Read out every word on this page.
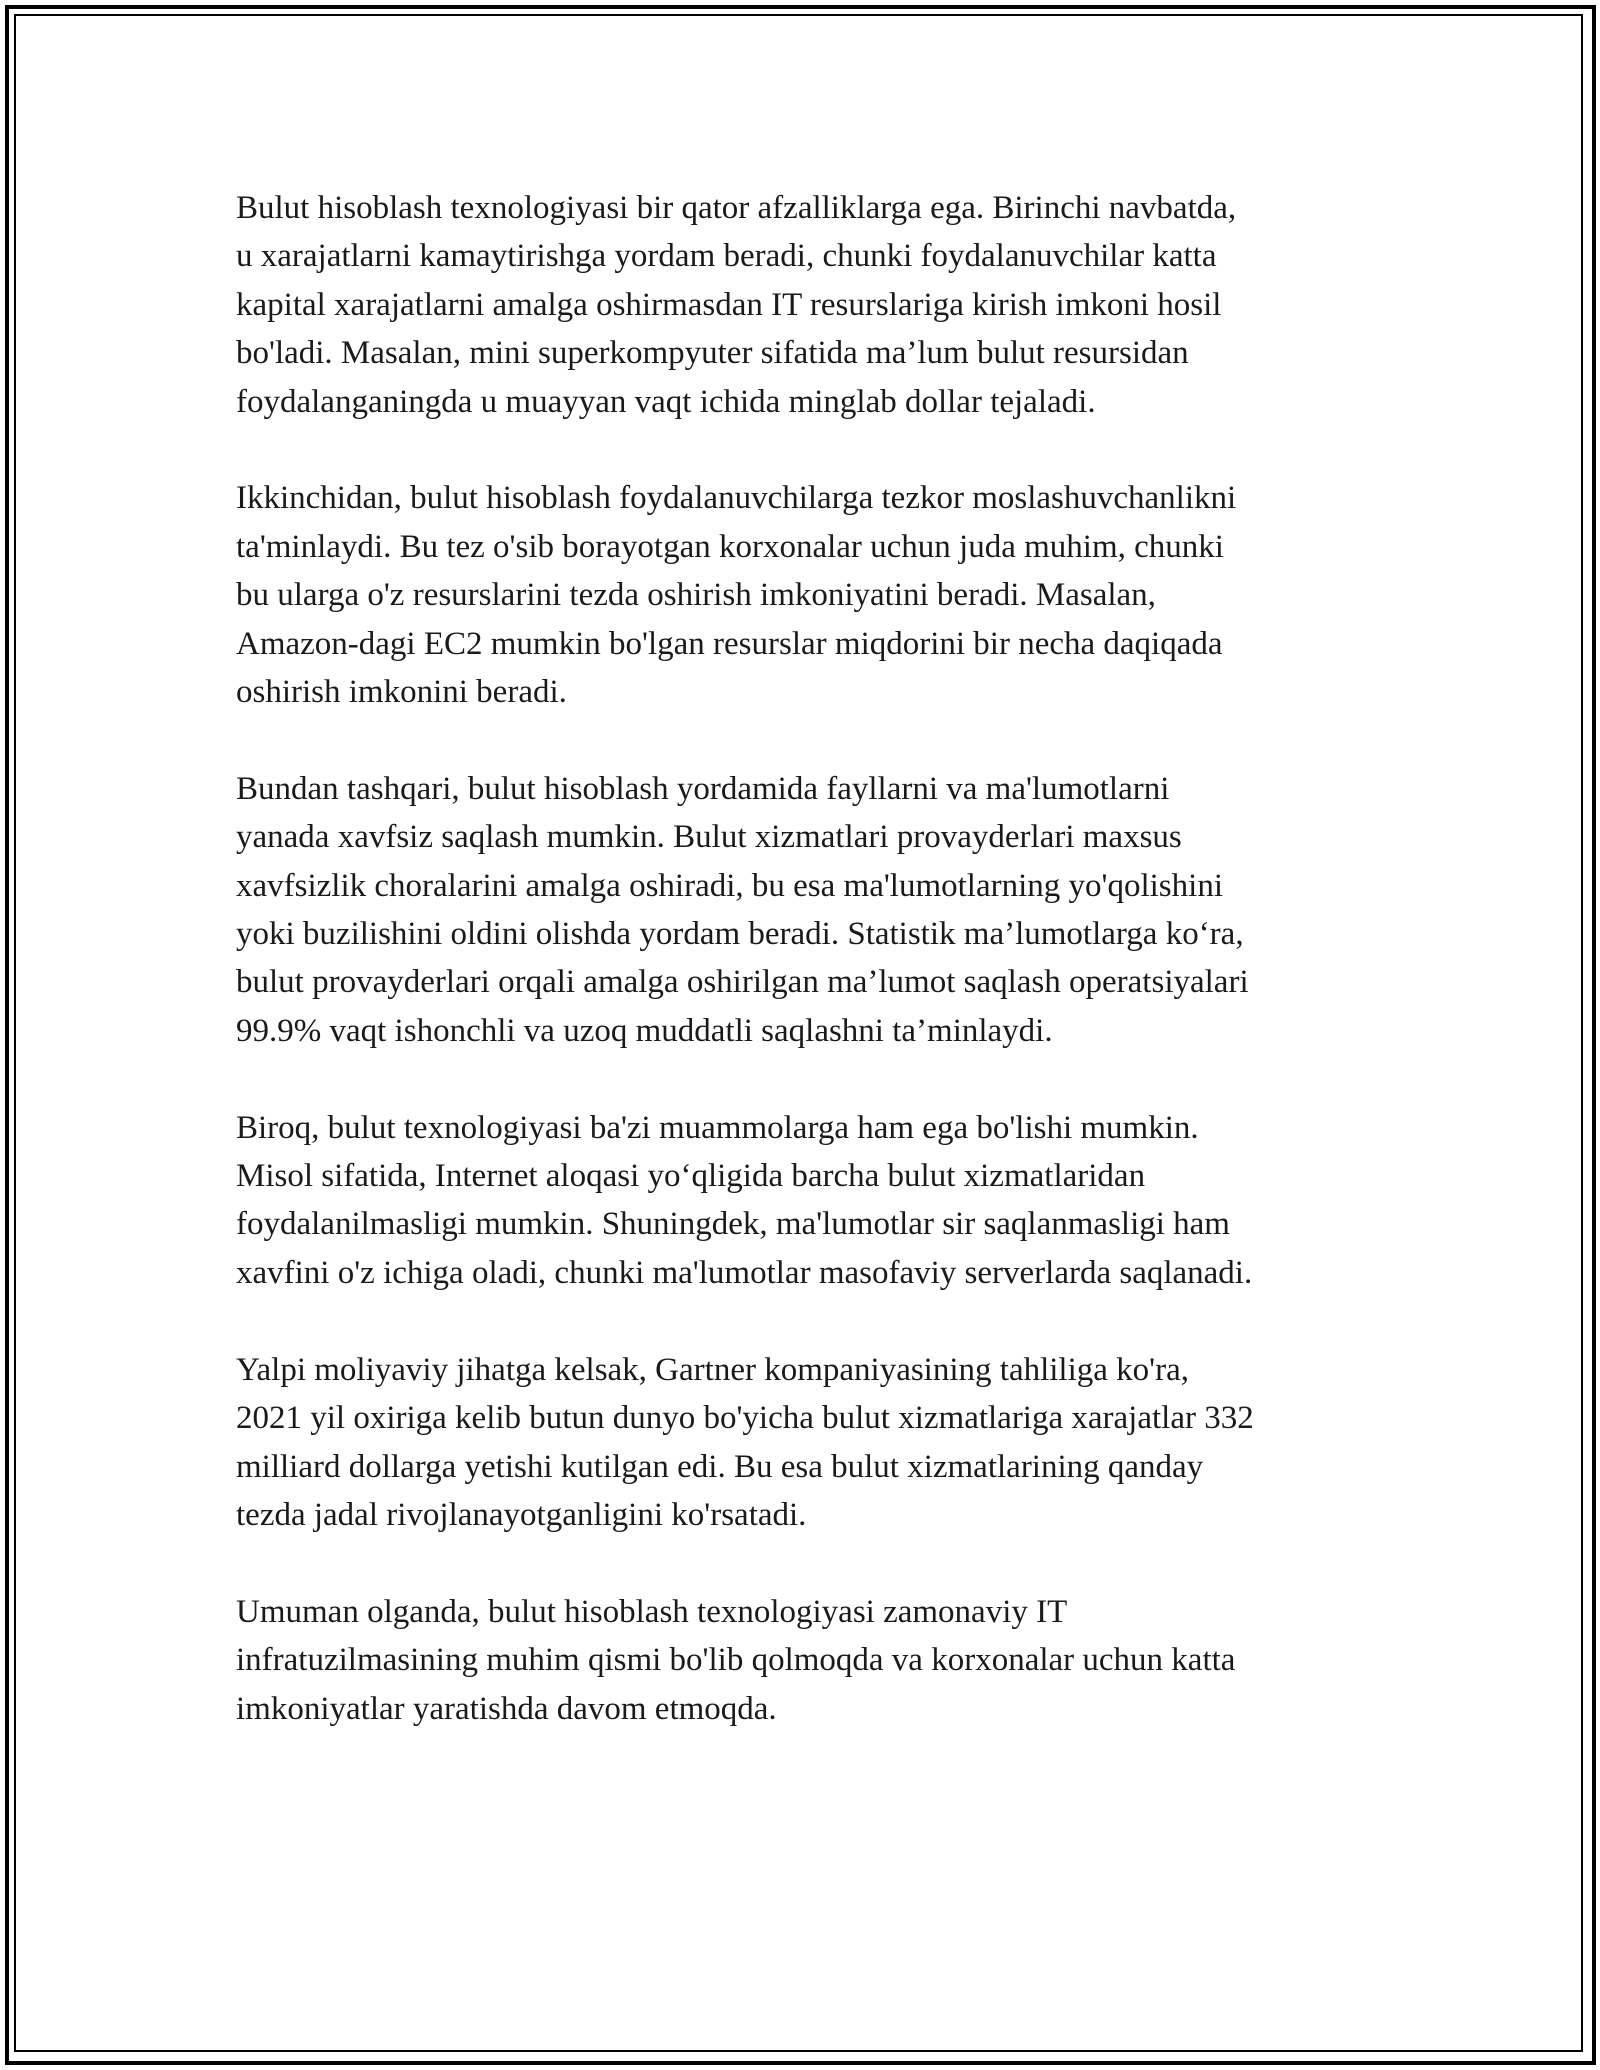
Bulut hisoblash texnologiyasi bir qator afzalliklarga ega. Birinchi navbatda,
u xarajatlarni kamaytirishga yordam beradi, chunki foydalanuvchilar katta
kapital xarajatlarni amalga oshirmasdan IT resurslariga kirish imkoni hosil
bo'ladi. Masalan, mini superkompyuter sifatida ma’lum bulut resursidan
foydalanganingda u muayyan vaqt ichida minglab dollar tejaladi.

Ikkinchidan, bulut hisoblash foydalanuvchilarga tezkor moslashuvchanlikni
ta'minlaydi. Bu tez o'sib borayotgan korxonalar uchun juda muhim, chunki
bu ularga o'z resurslarini tezda oshirish imkoniyatini beradi. Masalan,
Amazon-dagi EC2 mumkin bo'lgan resurslar miqdorini bir necha daqiqada
oshirish imkonini beradi.

Bundan tashqari, bulut hisoblash yordamida fayllarni va ma'lumotlarni
yanada xavfsiz saqlash mumkin. Bulut xizmatlari provayderlari maxsus
xavfsizlik choralarini amalga oshiradi, bu esa ma'lumotlarning yo'qolishini
yoki buzilishini oldini olishda yordam beradi. Statistik ma’lumotlarga ko‘ra,
bulut provayderlari orqali amalga oshirilgan ma’lumot saqlash operatsiyalari
99.9% vaqt ishonchli va uzoq muddatli saqlashni ta’minlaydi.

Biroq, bulut texnologiyasi ba'zi muammolarga ham ega bo'lishi mumkin.
Misol sifatida, Internet aloqasi yo‘qligida barcha bulut xizmatlaridan
foydalanilmasligi mumkin. Shuningdek, ma'lumotlar sir saqlanmasligi ham
xavfini o'z ichiga oladi, chunki ma'lumotlar masofaviy serverlarda saqlanadi.

Yalpi moliyaviy jihatga kelsak, Gartner kompaniyasining tahliliga ko'ra,
2021 yil oxiriga kelib butun dunyo bo'yicha bulut xizmatlariga xarajatlar 332
milliard dollarga yetishi kutilgan edi. Bu esa bulut xizmatlarining qanday
tezda jadal rivojlanayotganligini ko'rsatadi.

Umuman olganda, bulut hisoblash texnologiyasi zamonaviy IT
infratuzilmasining muhim qismi bo'lib qolmoqda va korxonalar uchun katta
imkoniyatlar yaratishda davom etmoqda.
